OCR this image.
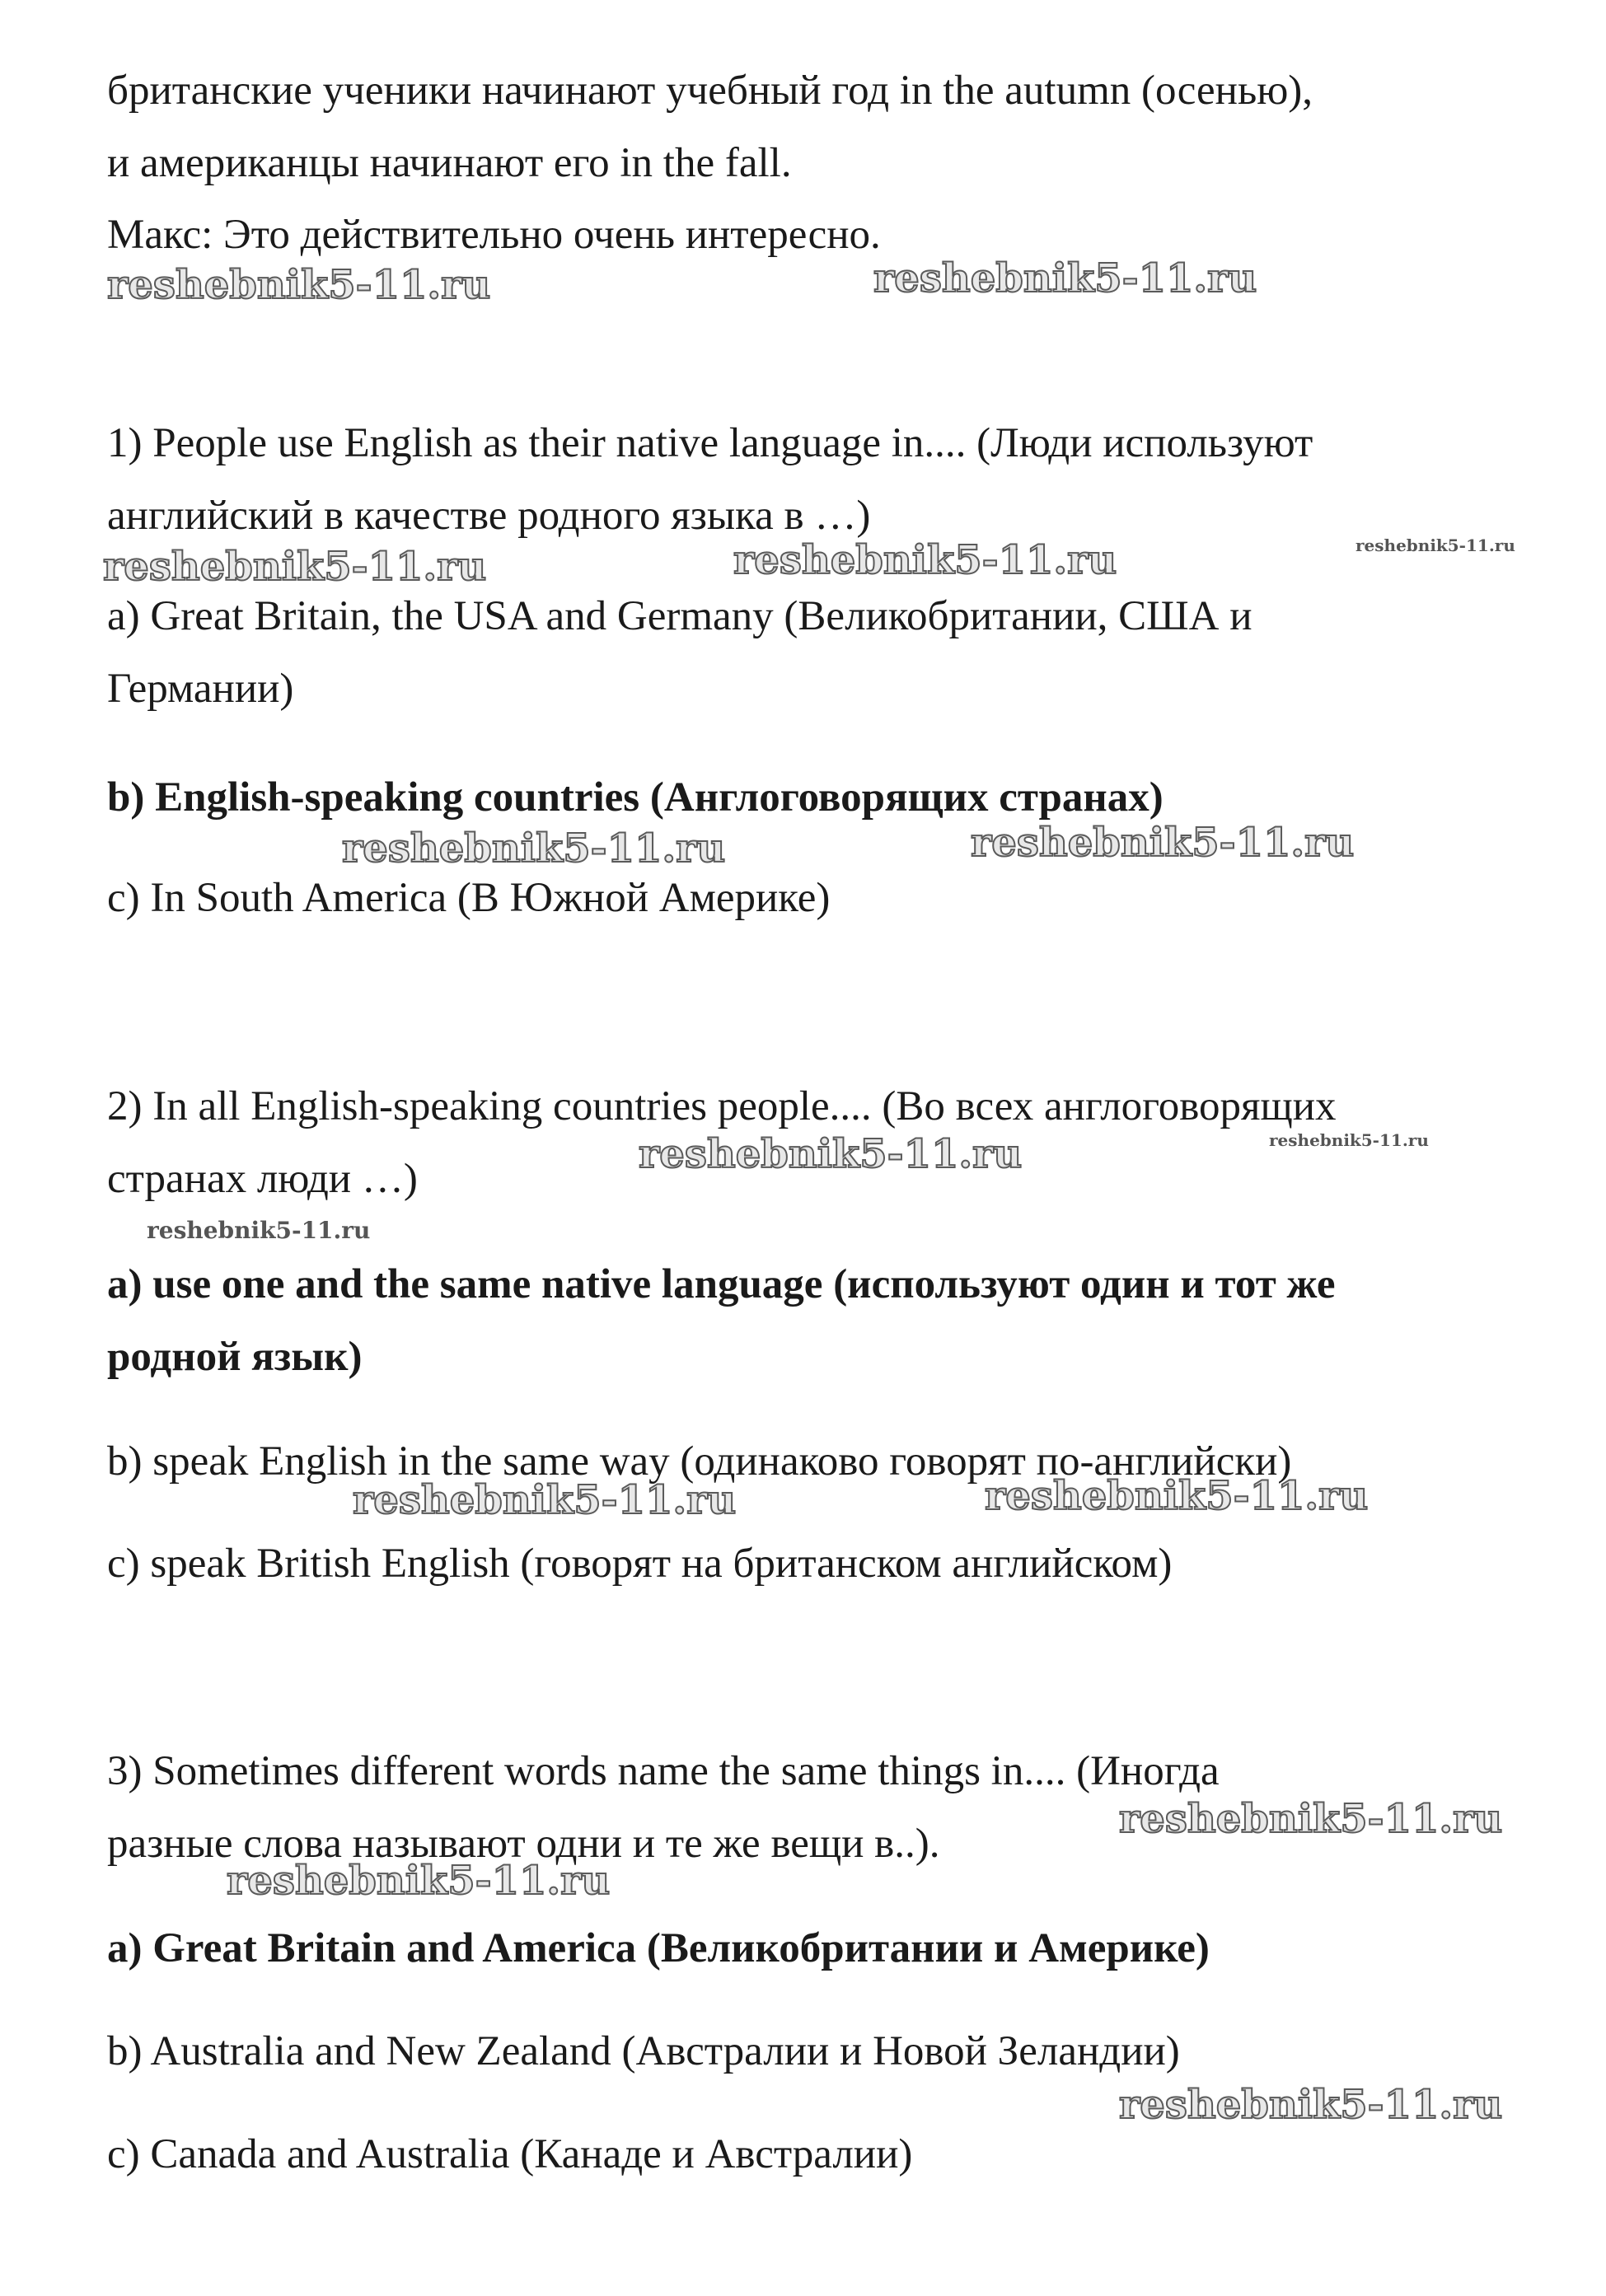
британские ученики начинают учебный год in the autumn (осенью),
и американцы начинают его in the fall.
Макс: Это действительно очень интересно.
1) People use English as their native language in.... (Люди используют
английский в качестве родного языка в …)
a) Great Britain, the USA and Germany (Великобритании, США и
Германии)
b) English-speaking countries (Англоговорящих странах)
c) In South America (В Южной Америке)
2) In all English-speaking countries people.... (Во всех англоговорящих
странах люди …)
a) use one and the same native language (используют один и тот же
родной язык)
b) speak English in the same way (одинаково говорят по-английски)
c) speak British English (говорят на британском английском)
3) Sometimes different words name the same things in.... (Иногда
разные слова называют одни и те же вещи в..).
a) Great Britain and America (Великобритании и Америке)
b) Australia and New Zealand (Австралии и Новой Зеландии)
c) Canada and Australia (Канаде и Австралии)
reshebnik5-11.ru	reshebnik5-11.ru
reshebnik5-11.ru	reshebnik5-11.ru	reshebnik5-11.ru
reshebnik5-11.ru	reshebnik5-11.ru
reshebnik5-11.ru	reshebnik5-11.ru
reshebnik5-11.ru
reshebnik5-11.ru	reshebnik5-11.ru
reshebnik5-11.ru
reshebnik5-11.ru
reshebnik5-11.ru
